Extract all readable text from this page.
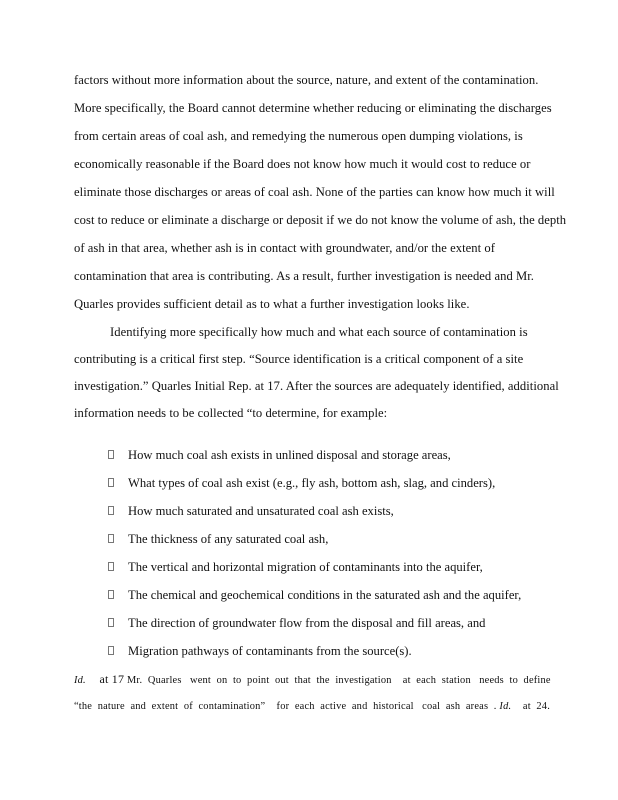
factors without more information about the source, nature, and extent of the contamination.
More specifically, the Board cannot determine whether reducing or eliminating the discharges
from certain areas of coal ash, and remedying the numerous open dumping violations, is
economically reasonable if the Board does not know how much it would cost to reduce or
eliminate those discharges or areas of coal ash. None of the parties can know how much it will
cost to reduce or eliminate a discharge or deposit if we do not know the volume of ash, the depth
of ash in that area, whether ash is in contact with groundwater, and/or the extent of
contamination that area is contributing. As a result, further investigation is needed and Mr.
Quarles provides sufficient detail as to what a further investigation looks like.
Identifying more specifically how much and what each source of contamination is
contributing is a critical first step. “Source identification is a critical component of a site
investigation.” Quarles Initial Rep. at 17. After the sources are adequately identified, additional
information needs to be collected “to determine, for example:
How much coal ash exists in unlined disposal and storage areas,
What types of coal ash exist (e.g., fly ash, bottom ash, slag, and cinders),
How much saturated and unsaturated coal ash exists,
The thickness of any saturated coal ash,
The vertical and horizontal migration of contaminants into the aquifer,
The chemical and geochemical conditions in the saturated ash and the aquifer,
The direction of groundwater flow from the disposal and fill areas, and
Migration pathways of contaminants from the source(s).
Id. at 17 Mr.  Quarles   went  on  to  point  out  that  the  investigation    at  each  station   needs  to  define
“the  nature  and  extent  of  contamination”    for  each  active  and  historical   coal  ash  areas  . Id. at  24.
